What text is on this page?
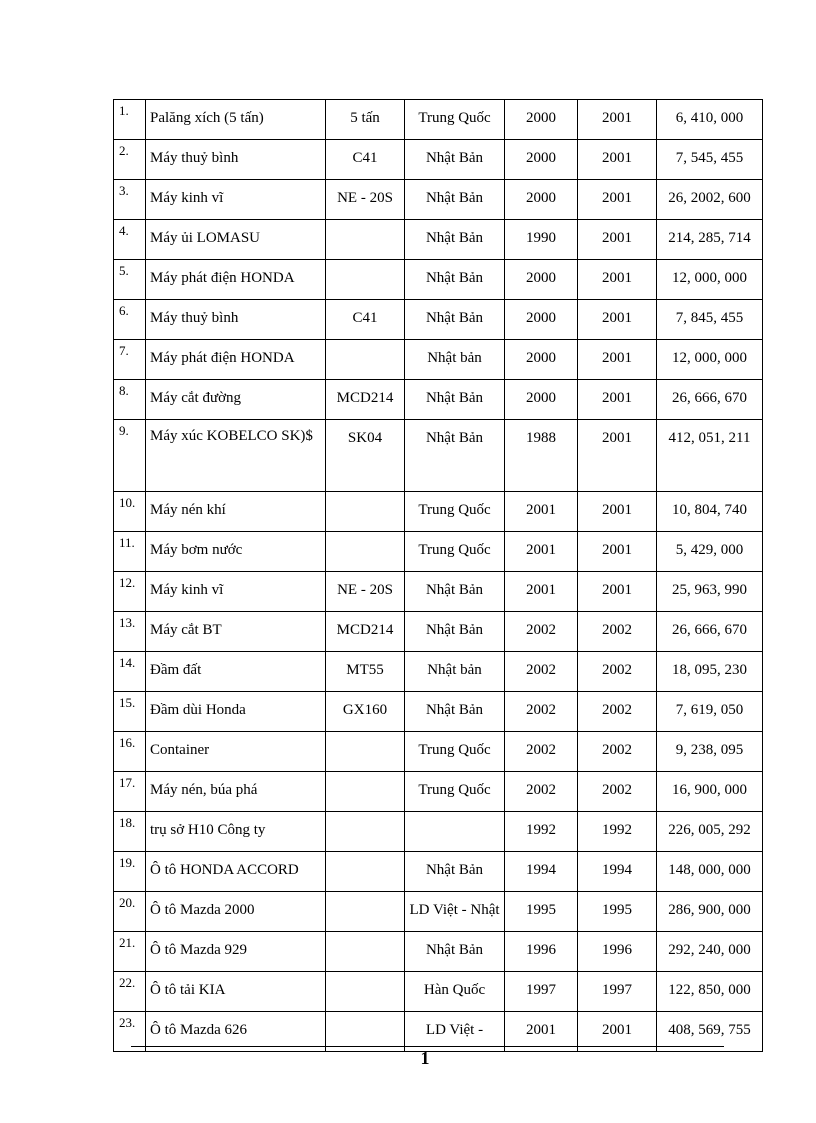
1.	Palăng xích (5 tấn)	5 tấn	Trung Quốc	2000	2001	6, 410, 000
2.	Máy thuỷ bình	C41	Nhật Bản	2000	2001	7, 545, 455
3.	Máy kinh vĩ	NE - 20S	Nhật Bản	2000	2001	26, 2002, 600
4.	Máy ủi LOMASU		Nhật Bản	1990	2001	214, 285, 714
5.	Máy phát điện HONDA		Nhật Bản	2000	2001	12, 000, 000
6.	Máy thuỷ bình	C41	Nhật Bản	2000	2001	7, 845, 455
7.	Máy phát điện HONDA		Nhật bản	2000	2001	12, 000, 000
8.	Máy cắt đường	MCD214	Nhật Bản	2000	2001	26, 666, 670
9.	Máy xúc KOBELCO SK)$	SK04	Nhật Bản	1988	2001	412, 051, 211
10.	Máy nén khí		Trung Quốc	2001	2001	10, 804, 740
11.	Máy bơm nước		Trung Quốc	2001	2001	5, 429, 000
12.	Máy kinh vĩ	NE - 20S	Nhật Bản	2001	2001	25, 963, 990
13.	Máy cắt BT	MCD214	Nhật Bản	2002	2002	26, 666, 670
14.	Đầm đất	MT55	Nhật bản	2002	2002	18, 095, 230
15.	Đầm dùi Honda	GX160	Nhật Bản	2002	2002	7, 619, 050
16.	Container		Trung Quốc	2002	2002	9, 238, 095
17.	Máy nén, búa phá		Trung Quốc	2002	2002	16, 900, 000
18.	trụ sở H10 Công ty			1992	1992	226, 005, 292
19.	Ô tô HONDA ACCORD		Nhật Bản	1994	1994	148, 000, 000
20.	Ô tô Mazda 2000		LD Việt - Nhật	1995	1995	286, 900, 000
21.	Ô tô Mazda 929		Nhật Bản	1996	1996	292, 240, 000
22.	Ô tô tải KIA		Hàn Quốc	1997	1997	122, 850, 000
23.	Ô tô Mazda 626		LD Việt -	2001	2001	408, 569, 755
1
